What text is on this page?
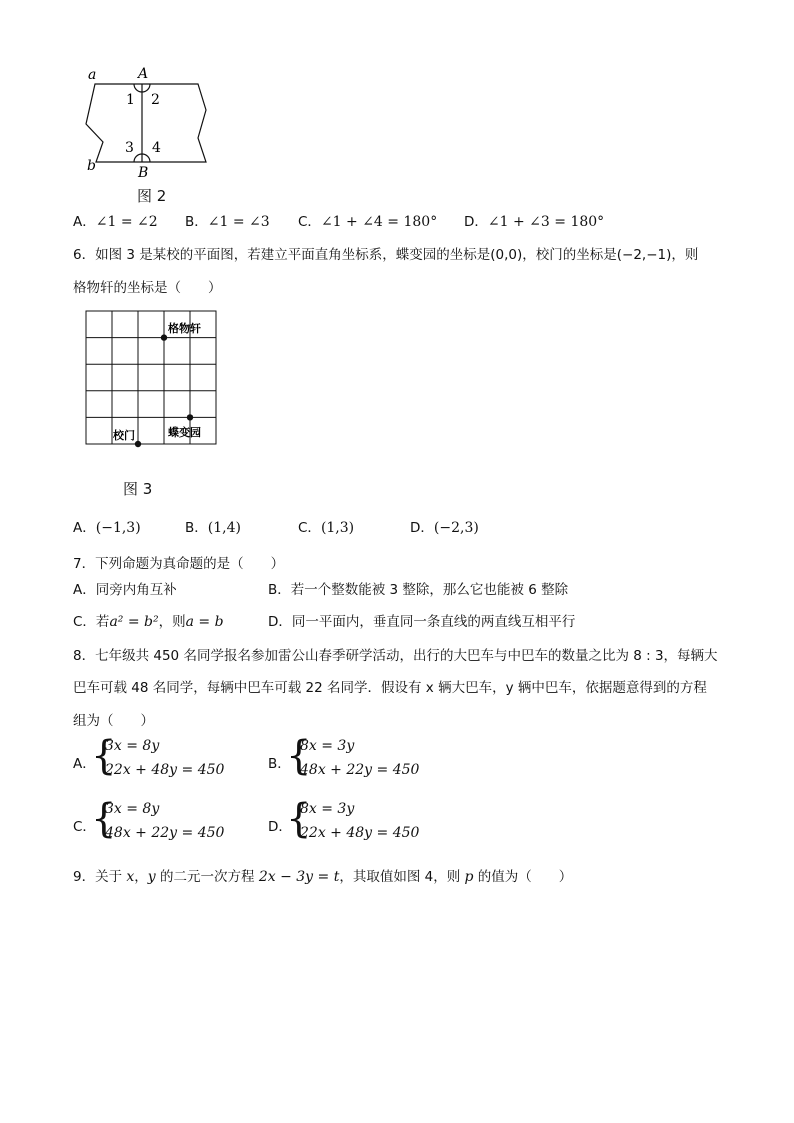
a	A
b	B
1 2
3 4
图 2
A．∠1 = ∠2 B．∠1 = ∠3 C．∠1 + ∠4 = 180° D．∠1 + ∠3 = 180°
6．如图 3 是某校的平面图，若建立平面直角坐标系，蝶变园的坐标是(0,0)，校门的坐标是(−2,−1)，则
格物轩的坐标是（　　）
格物轩
蝶变园
校门
图 3
A．(−1,3)	B．(1,4)	C．(1,3)	D．(−2,3)
7．下列命题为真命题的是（　　）
A．同旁内角互补	B．若一个整数能被 3 整除，那么它也能被 6 整除
C．若a² = b²，则a = b	D．同一平面内，垂直同一条直线的两直线互相平行
8．七年级共 450 名同学报名参加雷公山春季研学活动，出行的大巴车与中巴车的数量之比为 8 : 3，每辆大
巴车可载 48 名同学，每辆中巴车可载 22 名同学．假设有 x 辆大巴车，y 辆中巴车，依据题意得到的方程
组为（　　）
A．
{
3x = 8y
22x + 48y = 450	B．
{
8x = 3y
48x + 22y = 450
C．
{
3x = 8y
48x + 22y = 450	D．
{
8x = 3y
22x + 48y = 450
9．关于 x，y 的二元一次方程 2x − 3y = t，其取值如图 4，则 p 的值为（　　）
